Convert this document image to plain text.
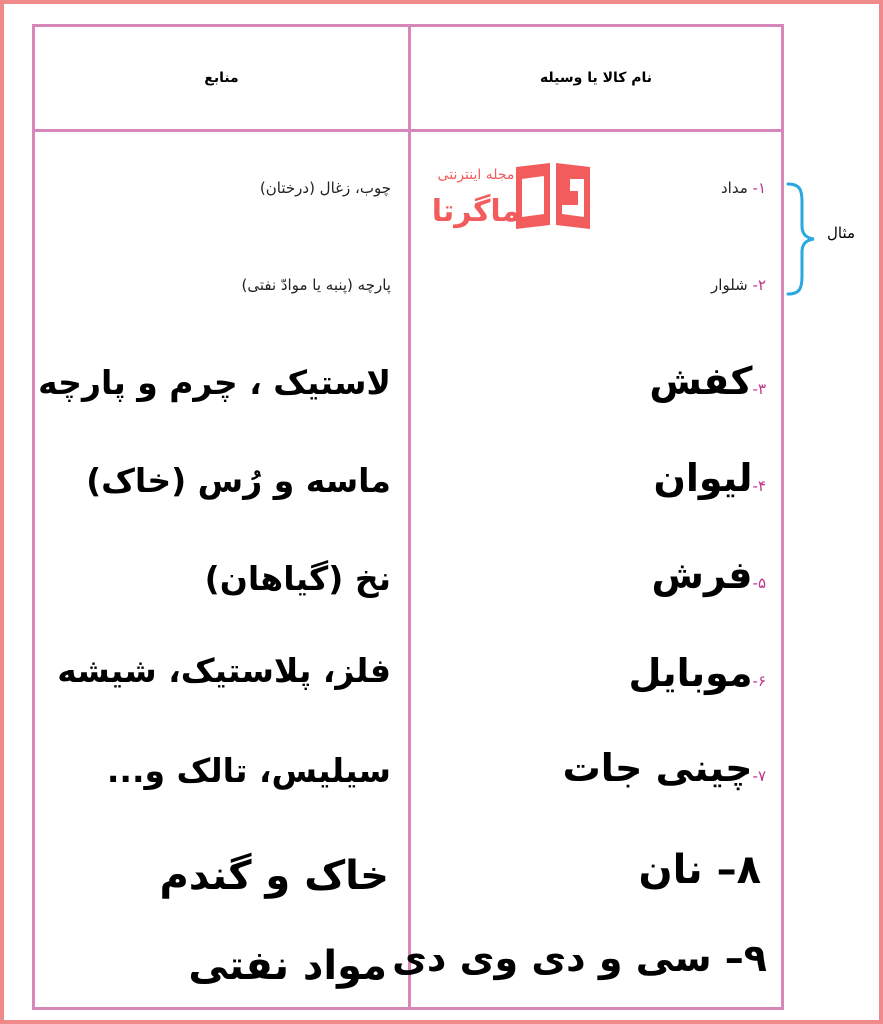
نام کالا یا وسیله
منابع
مجله اینترنتی
ماگرتا
۱- مداد
چوب، زغال (درختان)
۲- شلوار
پارچه (پنبه یا موادّ نفتی)
۳-کفش
لاستیک ، چرم و پارچه
۴-لیوان
ماسه و رُس (خاک)
۵-فرش
نخ (گیاهان)
۶-موبایل
فلز، پلاستیک، شیشه
۷-چینی جات
سیلیس، تالک و...
۸– نان
خاک و گندم
۹– سی و دی وی دی
مواد نفتی
مثال
